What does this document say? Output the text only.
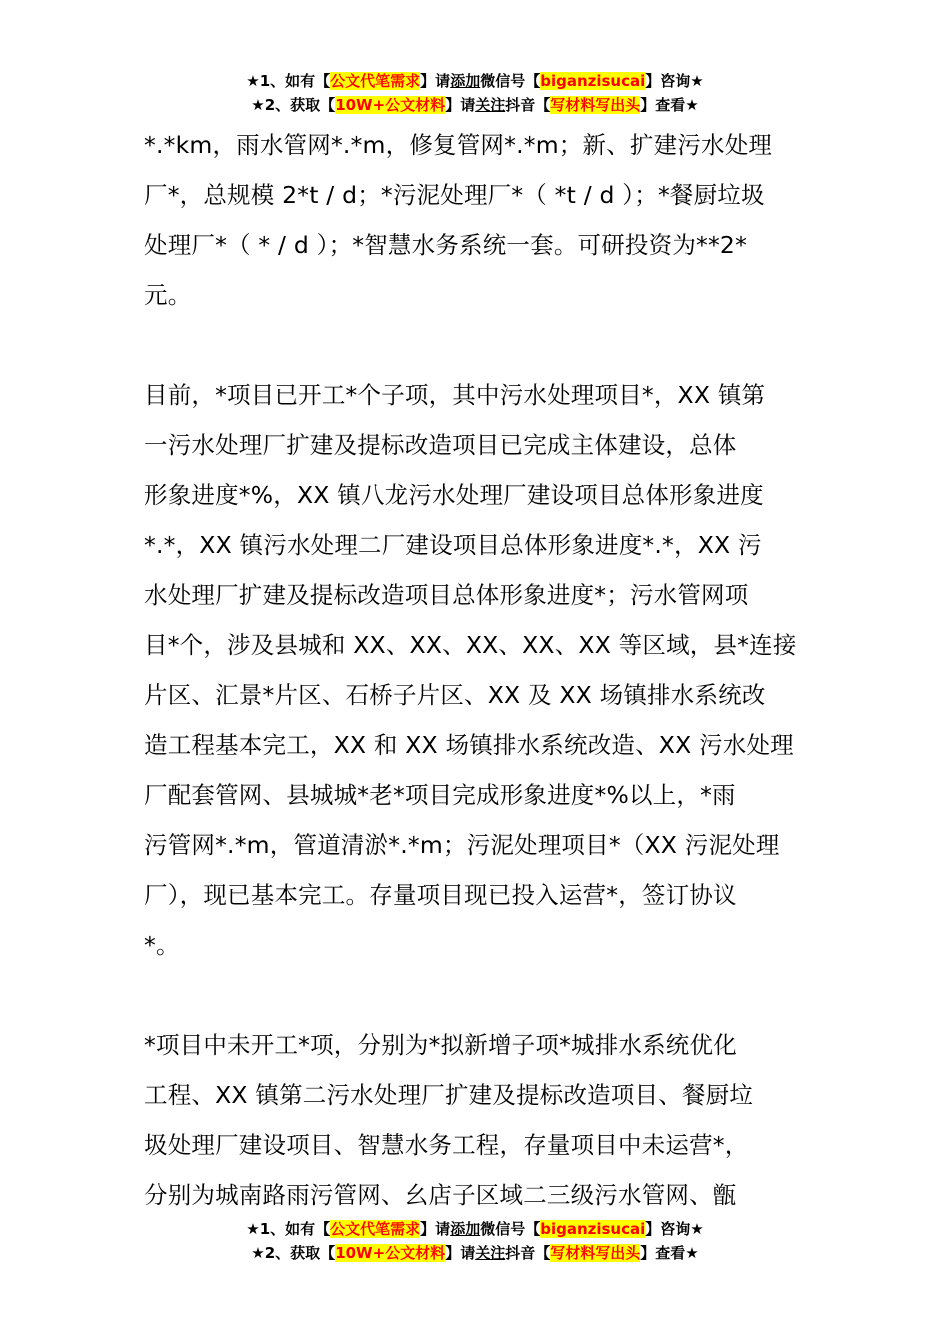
★1、如有【公文代笔需求】请添加微信号【biganzisucai】咨询★
★2、获取【10W+公文材料】请关注抖音【写材料写出头】查看★
*.*km，雨水管网*.*m，修复管网*.*m；新、扩建污水处理
厂*，总规模 2*t / d；*污泥处理厂*（ *t / d ）；*餐厨垃圾
处理厂*（ * / d ）；*智慧水务系统一套。可研投资为**2*
元。
目前，*项目已开工*个子项，其中污水处理项目*，XX 镇第
一污水处理厂扩建及提标改造项目已完成主体建设，总体
形象进度*%，XX 镇八龙污水处理厂建设项目总体形象进度
*.*，XX 镇污水处理二厂建设项目总体形象进度*.*，XX 污
水处理厂扩建及提标改造项目总体形象进度*；污水管网项
目*个，涉及县城和 XX、XX、XX、XX、XX 等区域，县*连接
片区、汇景*片区、石桥子片区、XX 及 XX 场镇排水系统改
造工程基本完工，XX 和 XX 场镇排水系统改造、XX 污水处理
厂配套管网、县城城*老*项目完成形象进度*%以上，*雨
污管网*.*m，管道清淤*.*m；污泥处理项目*（XX 污泥处理
厂），现已基本完工。存量项目现已投入运营*，签订协议
*。
*项目中未开工*项，分别为*拟新增子项*城排水系统优化
工程、XX 镇第二污水处理厂扩建及提标改造项目、餐厨垃
圾处理厂建设项目、智慧水务工程，存量项目中未运营*，
分别为城南路雨污管网、幺店子区域二三级污水管网、甑
★1、如有【公文代笔需求】请添加微信号【biganzisucai】咨询★
★2、获取【10W+公文材料】请关注抖音【写材料写出头】查看★
